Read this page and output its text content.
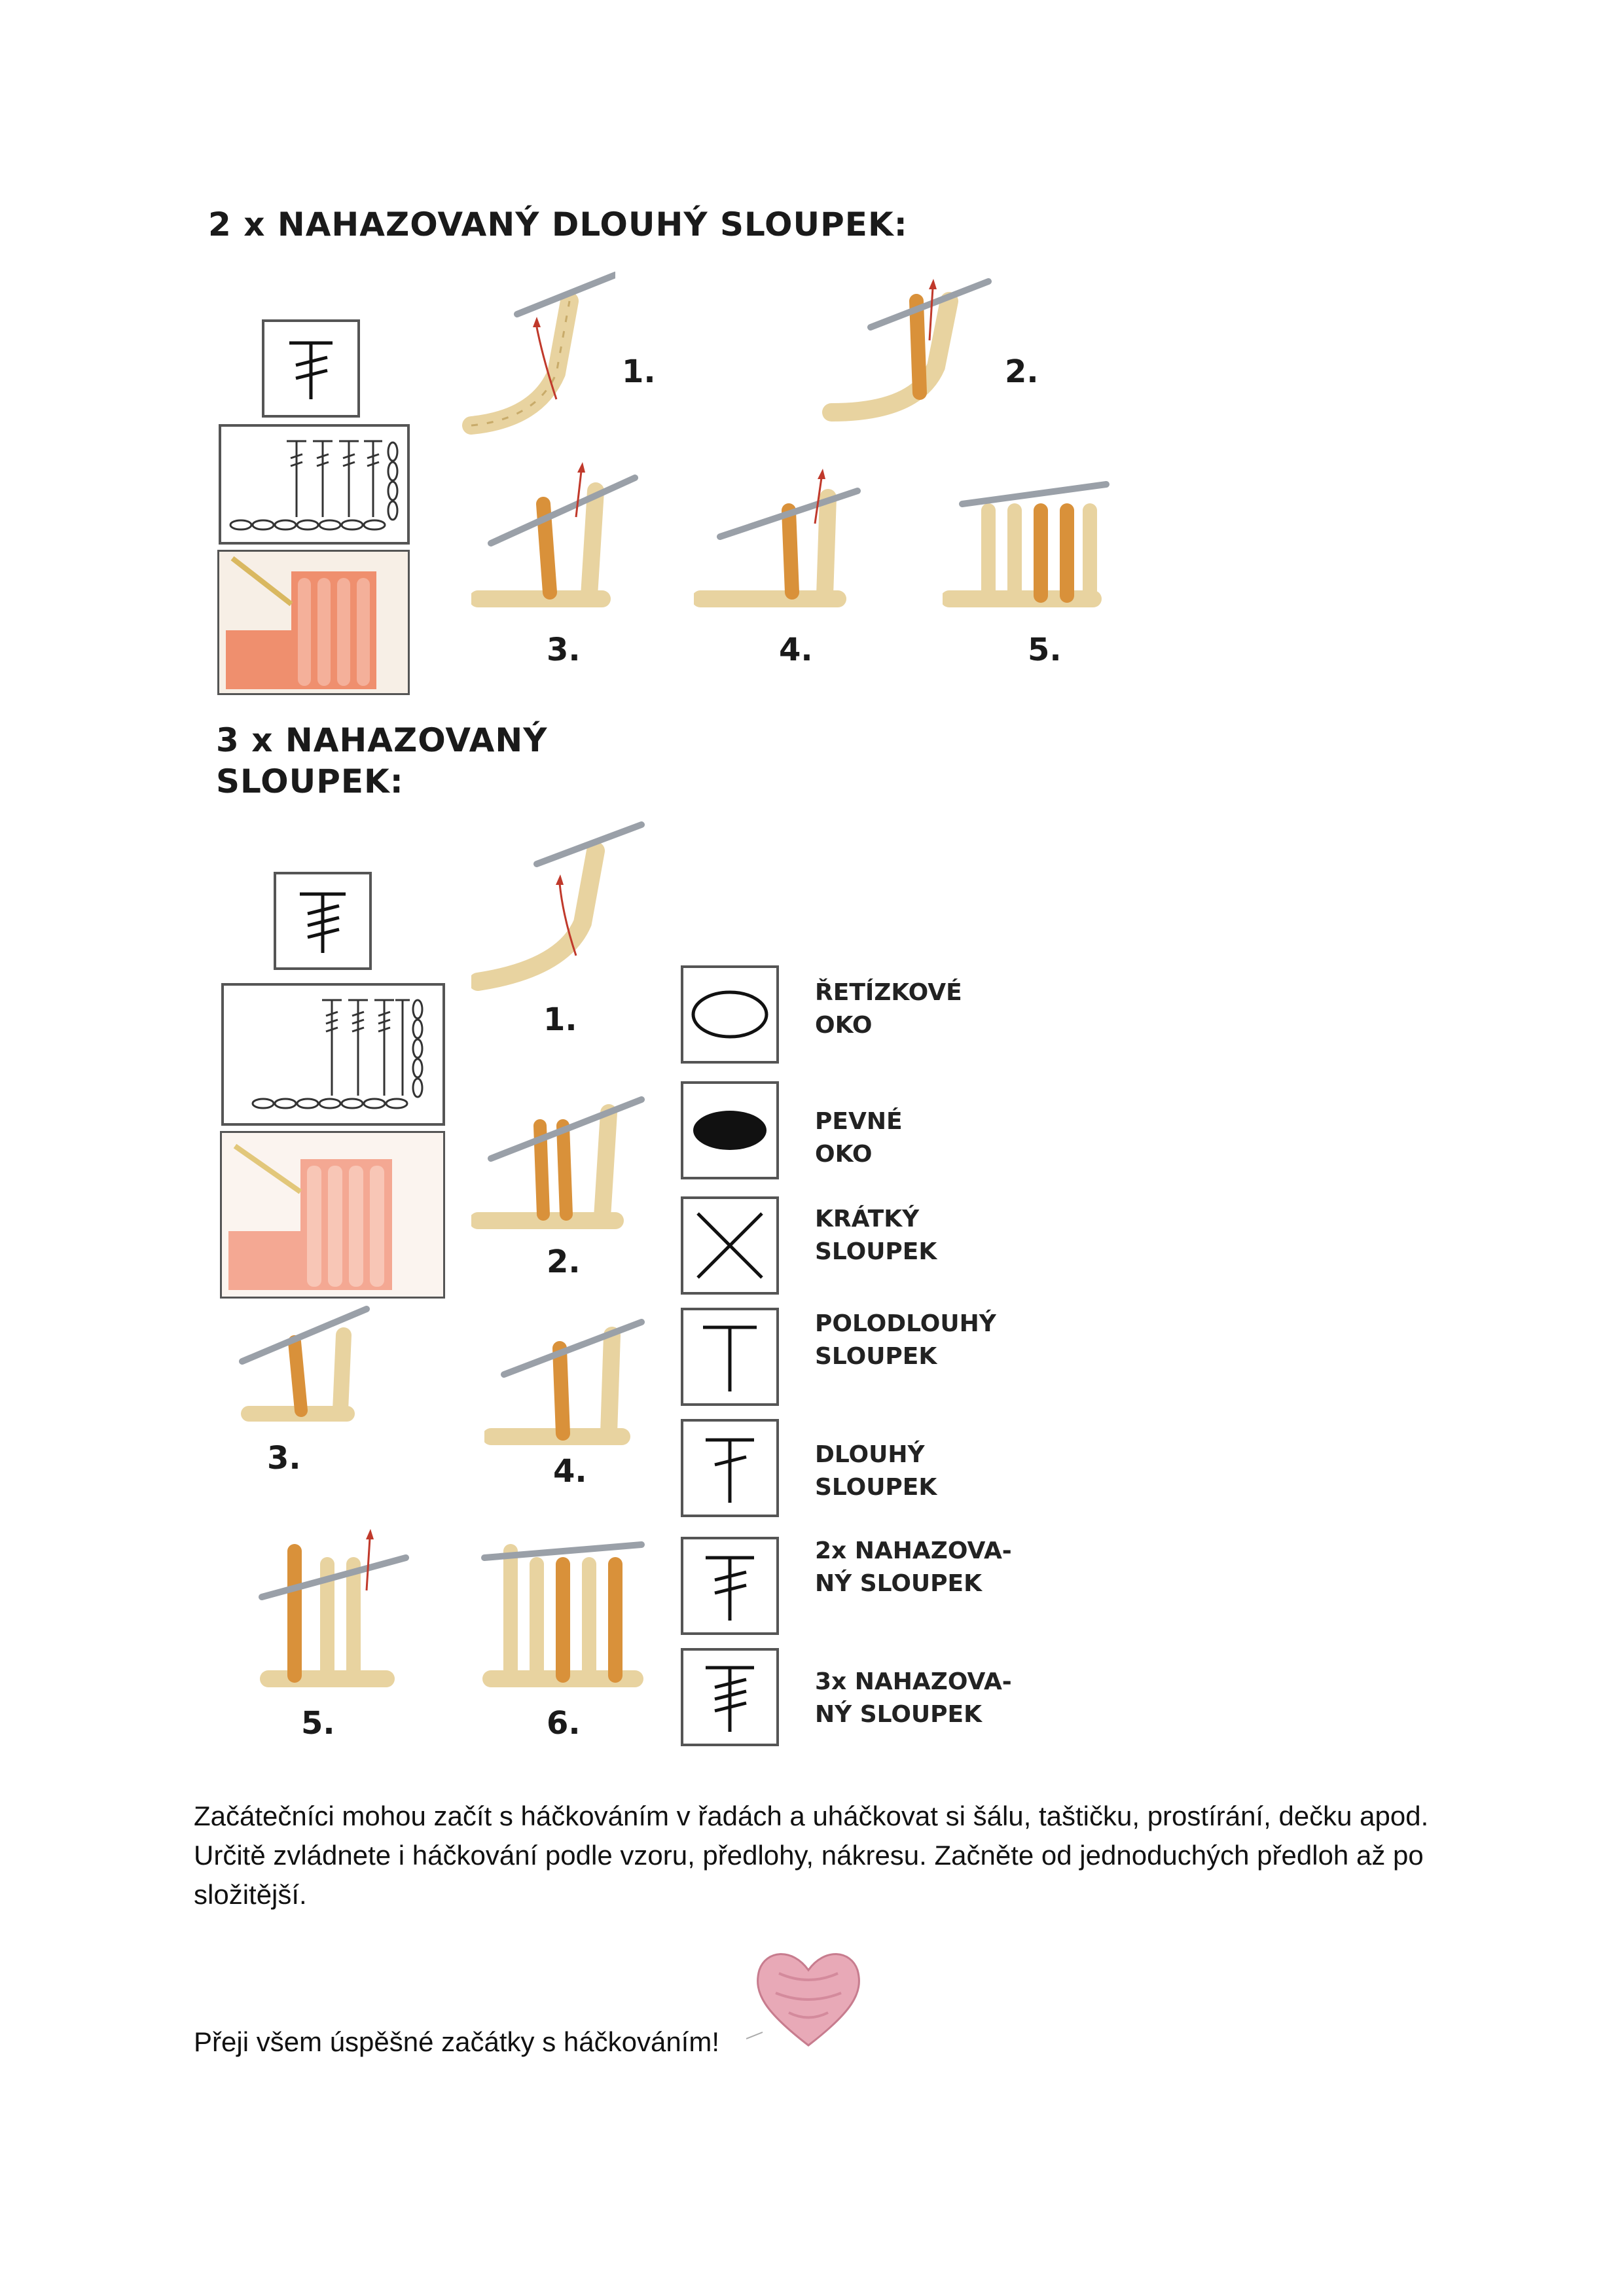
2 x NAHAZOVANÝ DLOUHÝ SLOUPEK:
1.	2.
3.	4.	5.
3 x NAHAZOVANÝ
SLOUPEK:
1.
2.
3.	4.
5.	6.
ŘETÍZKOVÉ
OKO
PEVNÉ
OKO
KRÁTKÝ
SLOUPEK
POLODLOUHÝ
SLOUPEK
DLOUHÝ
SLOUPEK
2x NAHAZOVA-
NÝ SLOUPEK
3x NAHAZOVA-
NÝ SLOUPEK
Začátečníci mohou začít s háčkováním v řadách a uháčkovat si šálu, taštičku, prostírání, dečku apod. Určitě zvládnete i háčkování podle vzoru, předlohy, nákresu. Začněte od jednoduchých předloh až po složitější.
Přeji všem úspěšné začátky s háčkováním!
